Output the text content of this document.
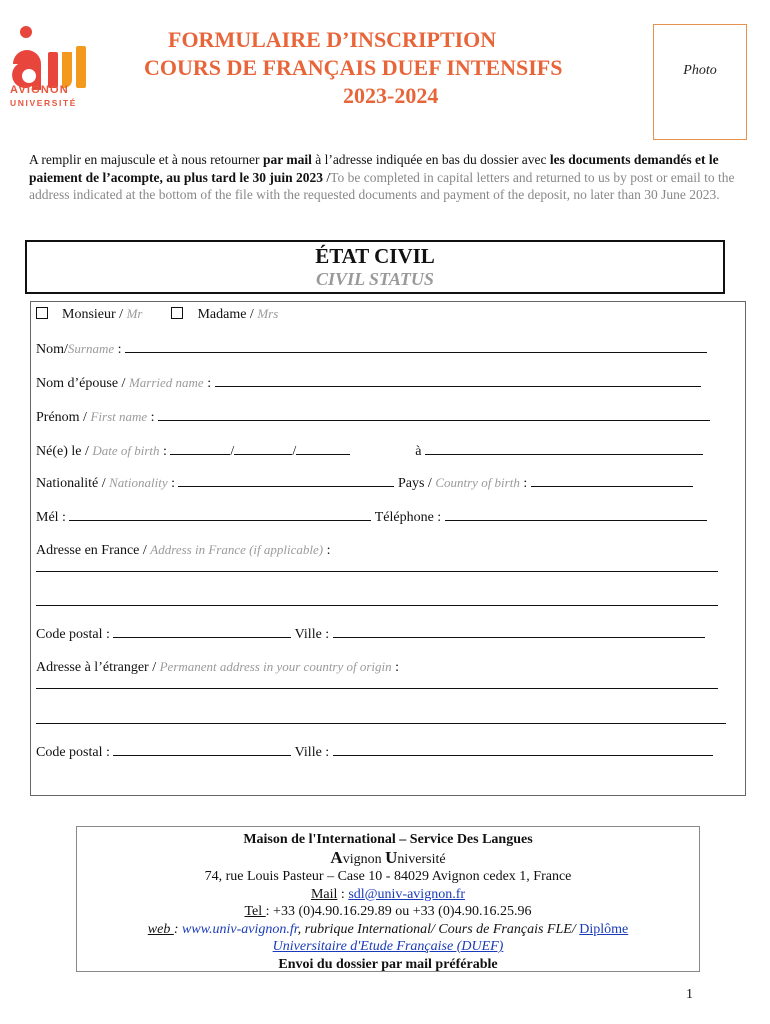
AVIGNON
UNIVERSITÉ
FORMULAIRE D’INSCRIPTION
COURS DE FRANÇAIS DUEF INTENSIFS
2023-2024
Photo
A remplir en majuscule et à nous retourner par mail à l’adresse indiquée en bas du dossier avec les documents demandés et le paiement de l’acompte, au plus tard le 30 juin 2023 /To be completed in capital letters and returned to us by post or email to the address indicated at the bottom of the file with the requested documents and payment of the deposit, no later than 30 June 2023.
ÉTAT CIVIL
CIVIL STATUS
Monsieur / Mr	Madame / Mrs
Nom/Surname :
Nom d’épouse / Married name :
Prénom / First name :
Né(e) le / Date of birth :	/	/	à
Nationalité / Nationality :	Pays / Country of birth :
Mél :	Téléphone :
Adresse en France / Address in France (if applicable) :
Code postal :	Ville :
Adresse à l’étranger / Permanent address in your country of origin :
Code postal :	Ville :
Maison de l'International – Service Des Langues
Avignon Université
74, rue Louis Pasteur – Case 10 - 84029 Avignon cedex 1, France
Mail : sdl@univ-avignon.fr
Tel : +33 (0)4.90.16.29.89 ou +33 (0)4.90.16.25.96
web : www.univ-avignon.fr, rubrique International/ Cours de Français FLE/ Diplôme
Universitaire d'Etude Française (DUEF)
Envoi du dossier par mail préférable
1
